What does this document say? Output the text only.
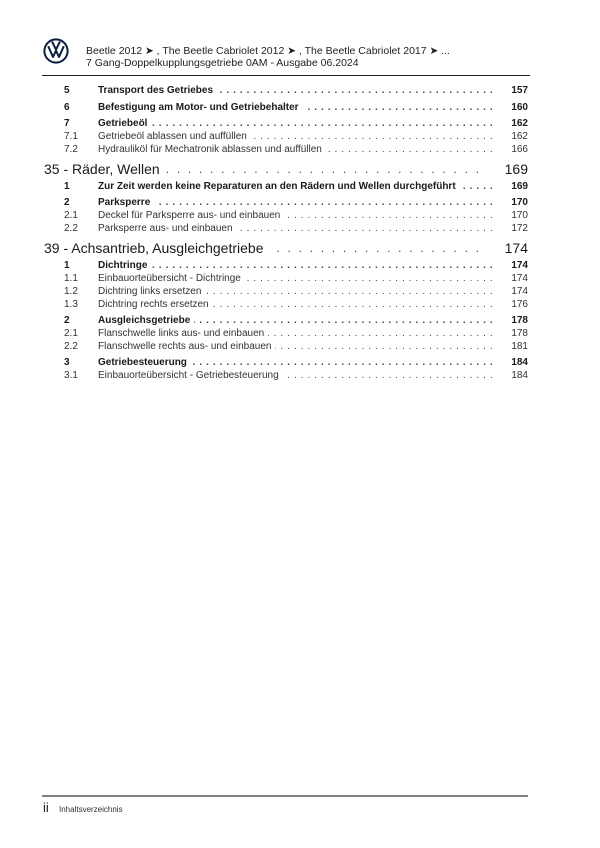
Beetle 2012 ➤ , The Beetle Cabriolet 2012 ➤ , The Beetle Cabriolet 2017 ➤ ...
7 Gang-Doppelkupplungsgetriebe 0AM - Ausgabe 06.2024
5	Transport des Getriebes . . .	157
6	Befestigung am Motor- und Getriebehalter . . .	160
7	Getriebeöl . . .	162
7.1 Getriebeöl ablassen und auffüllen . . .	162
7.2 Hydrauliköl für Mechatronik ablassen und auffüllen . . .	166
35 - Räder, Wellen . . .	169
1	Zur Zeit werden keine Reparaturen an den Rädern und Wellen durchgeführt . . .	169
2	Parksperre . . .	170
2.1 Deckel für Parksperre aus- und einbauen . . .	170
2.2 Parksperre aus- und einbauen . . .	172
39 - Achsantrieb, Ausgleichgetriebe . . .	174
1	Dichtringe . . .	174
1.1 Einbauorteübersicht - Dichtringe . . .	174
1.2 Dichtring links ersetzen . . .	174
1.3 Dichtring rechts ersetzen . . .	176
2	Ausgleichsgetriebe . . .	178
2.1 Flanschwelle links aus- und einbauen . . .	178
2.2 Flanschwelle rechts aus- und einbauen . . .	181
3	Getriebesteuerung . . .	184
3.1 Einbauorteübersicht - Getriebesteuerung . . .	184
ii Inhaltsverzeichnis
